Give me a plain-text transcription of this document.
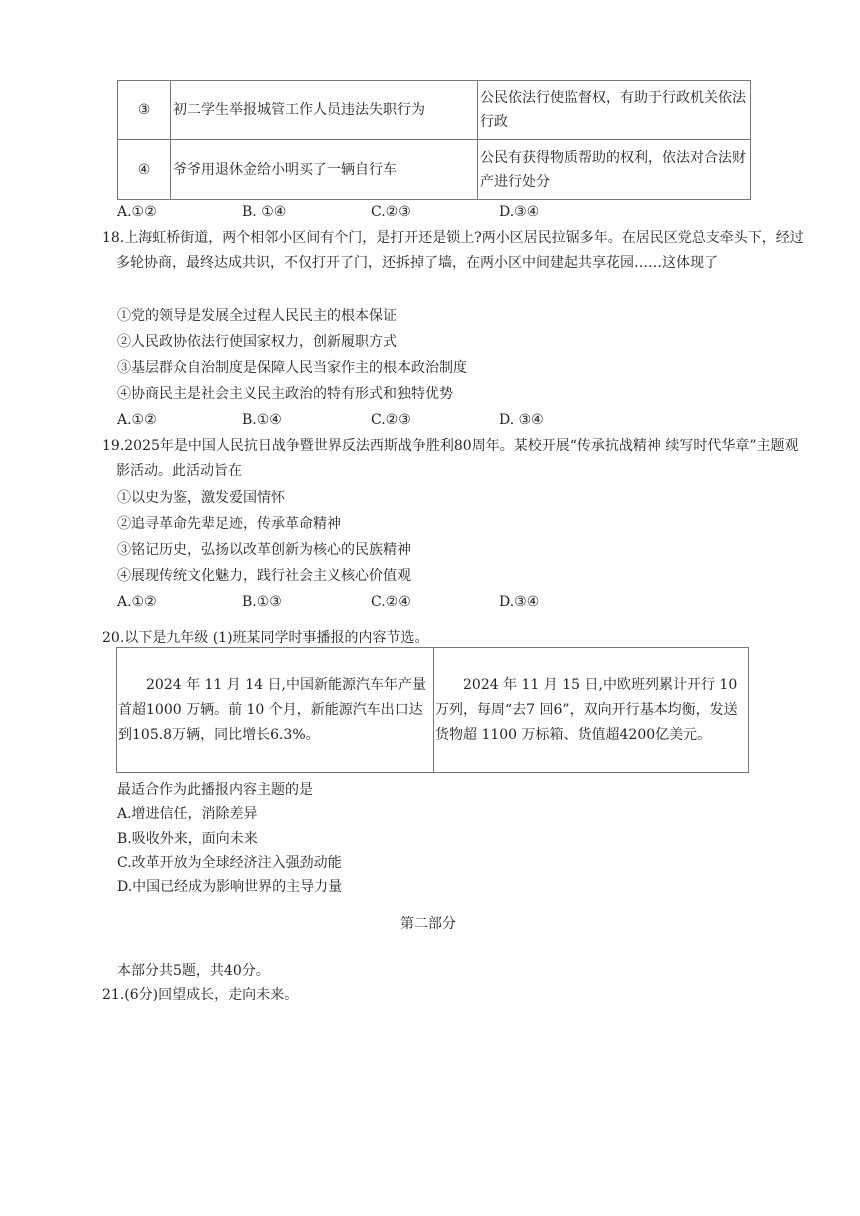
③	初二学生举报城管工作人员违法失职行为	公民依法行使监督权，有助于行政机关依法行政
④	爷爷用退休金给小明买了一辆自行车	公民有获得物质帮助的权利，依法对合法财产进行处分
A.①②	B. ①④	C.②③	D.③④
18.上海虹桥街道，两个相邻小区间有个门，是打开还是锁上?两小区居民拉锯多年。在居民区党总支牵头下，经过多轮协商，最终达成共识，不仅打开了门，还拆掉了墙，在两小区中间建起共享花园……这体现了
①党的领导是发展全过程人民民主的根本保证
②人民政协依法行使国家权力，创新履职方式
③基层群众自治制度是保障人民当家作主的根本政治制度
④协商民主是社会主义民主政治的特有形式和独特优势
A.①②	B.①④	C.②③	D. ③④
19.2025年是中国人民抗日战争暨世界反法西斯战争胜利80周年。某校开展“传承抗战精神 续写时代华章”主题观影活动。此活动旨在
①以史为鉴，激发爱国情怀
②追寻革命先辈足迹，传承革命精神
③铭记历史，弘扬以改革创新为核心的民族精神
④展现传统文化魅力，践行社会主义核心价值观
A.①②	B.①③	C.②④	D.③④
20.以下是九年级 (1)班某同学时事播报的内容节选。
2024 年 11 月 14 日,中国新能源汽车年产量首超1000 万辆。前 10 个月，新能源汽车出口达到105.8万辆，同比增长6.3%。	2024 年 11 月 15 日,中欧班列累计开行 10万列，每周“去7 回6”，双向开行基本均衡，发送货物超 1100 万标箱、货值超4200亿美元。
最适合作为此播报内容主题的是
A.增进信任，消除差异
B.吸收外来，面向未来
C.改革开放为全球经济注入强劲动能
D.中国已经成为影响世界的主导力量
第二部分
本部分共5题，共40分。
21.(6分)回望成长，走向未来。
